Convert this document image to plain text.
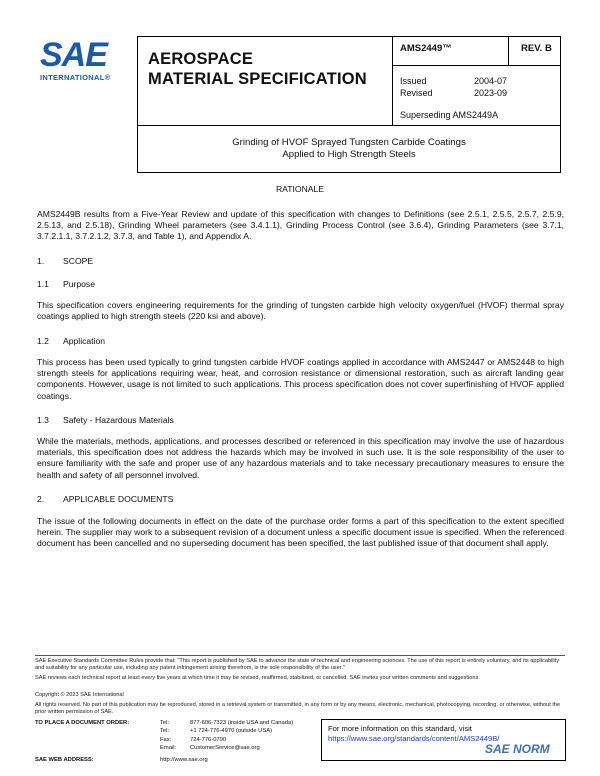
SAE
INTERNATIONAL®
AEROSPACE
MATERIAL SPECIFICATION
AMS2449™	REV. B
Issued	2004-07
Revised	2023-09
Superseding AMS2449A
Grinding of HVOF Sprayed Tungsten Carbide Coatings
Applied to High Strength Steels
RATIONALE
AMS2449B results from a Five-Year Review and update of this specification with changes to Definitions (see 2.5.1, 2.5.5, 2.5.7, 2.5.9, 2.5.13, and 2.5.18), Grinding Wheel parameters (see 3.4.1.1), Grinding Process Control (see 3.6.4), Grinding Parameters (see 3.7.1, 3.7.2.1.1, 3.7.2.1.2, 3.7.3, and Table 1), and Appendix A.
1. SCOPE
1.1 Purpose
This specification covers engineering requirements for the grinding of tungsten carbide high velocity oxygen/fuel (HVOF) thermal spray coatings applied to high strength steels (220 ksi and above).
1.2 Application
This process has been used typically to grind tungsten carbide HVOF coatings applied in accordance with AMS2447 or AMS2448 to high strength steels for applications requiring wear, heat, and corrosion resistance or dimensional restoration, such as aircraft landing gear components. However, usage is not limited to such applications. This process specification does not cover superfinishing of HVOF applied coatings.
1.3 Safety - Hazardous Materials
While the materials, methods, applications, and processes described or referenced in this specification may involve the use of hazardous materials, this specification does not address the hazards which may be involved in such use. It is the sole responsibility of the user to ensure familiarity with the safe and proper use of any hazardous materials and to take necessary precautionary measures to ensure the health and safety of all personnel involved.
2. APPLICABLE DOCUMENTS
The issue of the following documents in effect on the date of the purchase order forms a part of this specification to the extent specified herein. The supplier may work to a subsequent revision of a document unless a specific document issue is specified. When the referenced document has been cancelled and no superseding document has been specified, the last published issue of that document shall apply.
SAE Executive Standards Committee Rules provide that: "This report is published by SAE to advance the state of technical and engineering sciences. The use of this report is entirely voluntary, and its applicability and suitability for any particular use, including any patent infringement arising therefrom, is the sole responsibility of the user."
SAE reviews each technical report at least every five years at which time it may be revised, reaffirmed, stabilized, or cancelled. SAE invites your written comments and suggestions.
Copyright © 2023 SAE International
All rights reserved. No part of this publication may be reproduced, stored in a retrieval system or transmitted, in any form or by any means, electronic, mechanical, photocopying, recording, or otherwise, without the prior written permission of SAE.
TO PLACE A DOCUMENT ORDER:	Tel:	877-606-7323 (inside USA and Canada)
Tel:	+1 724-776-4970 (outside USA)
Fax:	724-776-0790
Email: CustomerService@sae.org
SAE WEB ADDRESS:	http://www.sae.org
For more information on this standard, visit
https://www.sae.org/standards/content/AMS2449B/
SAE NORM
